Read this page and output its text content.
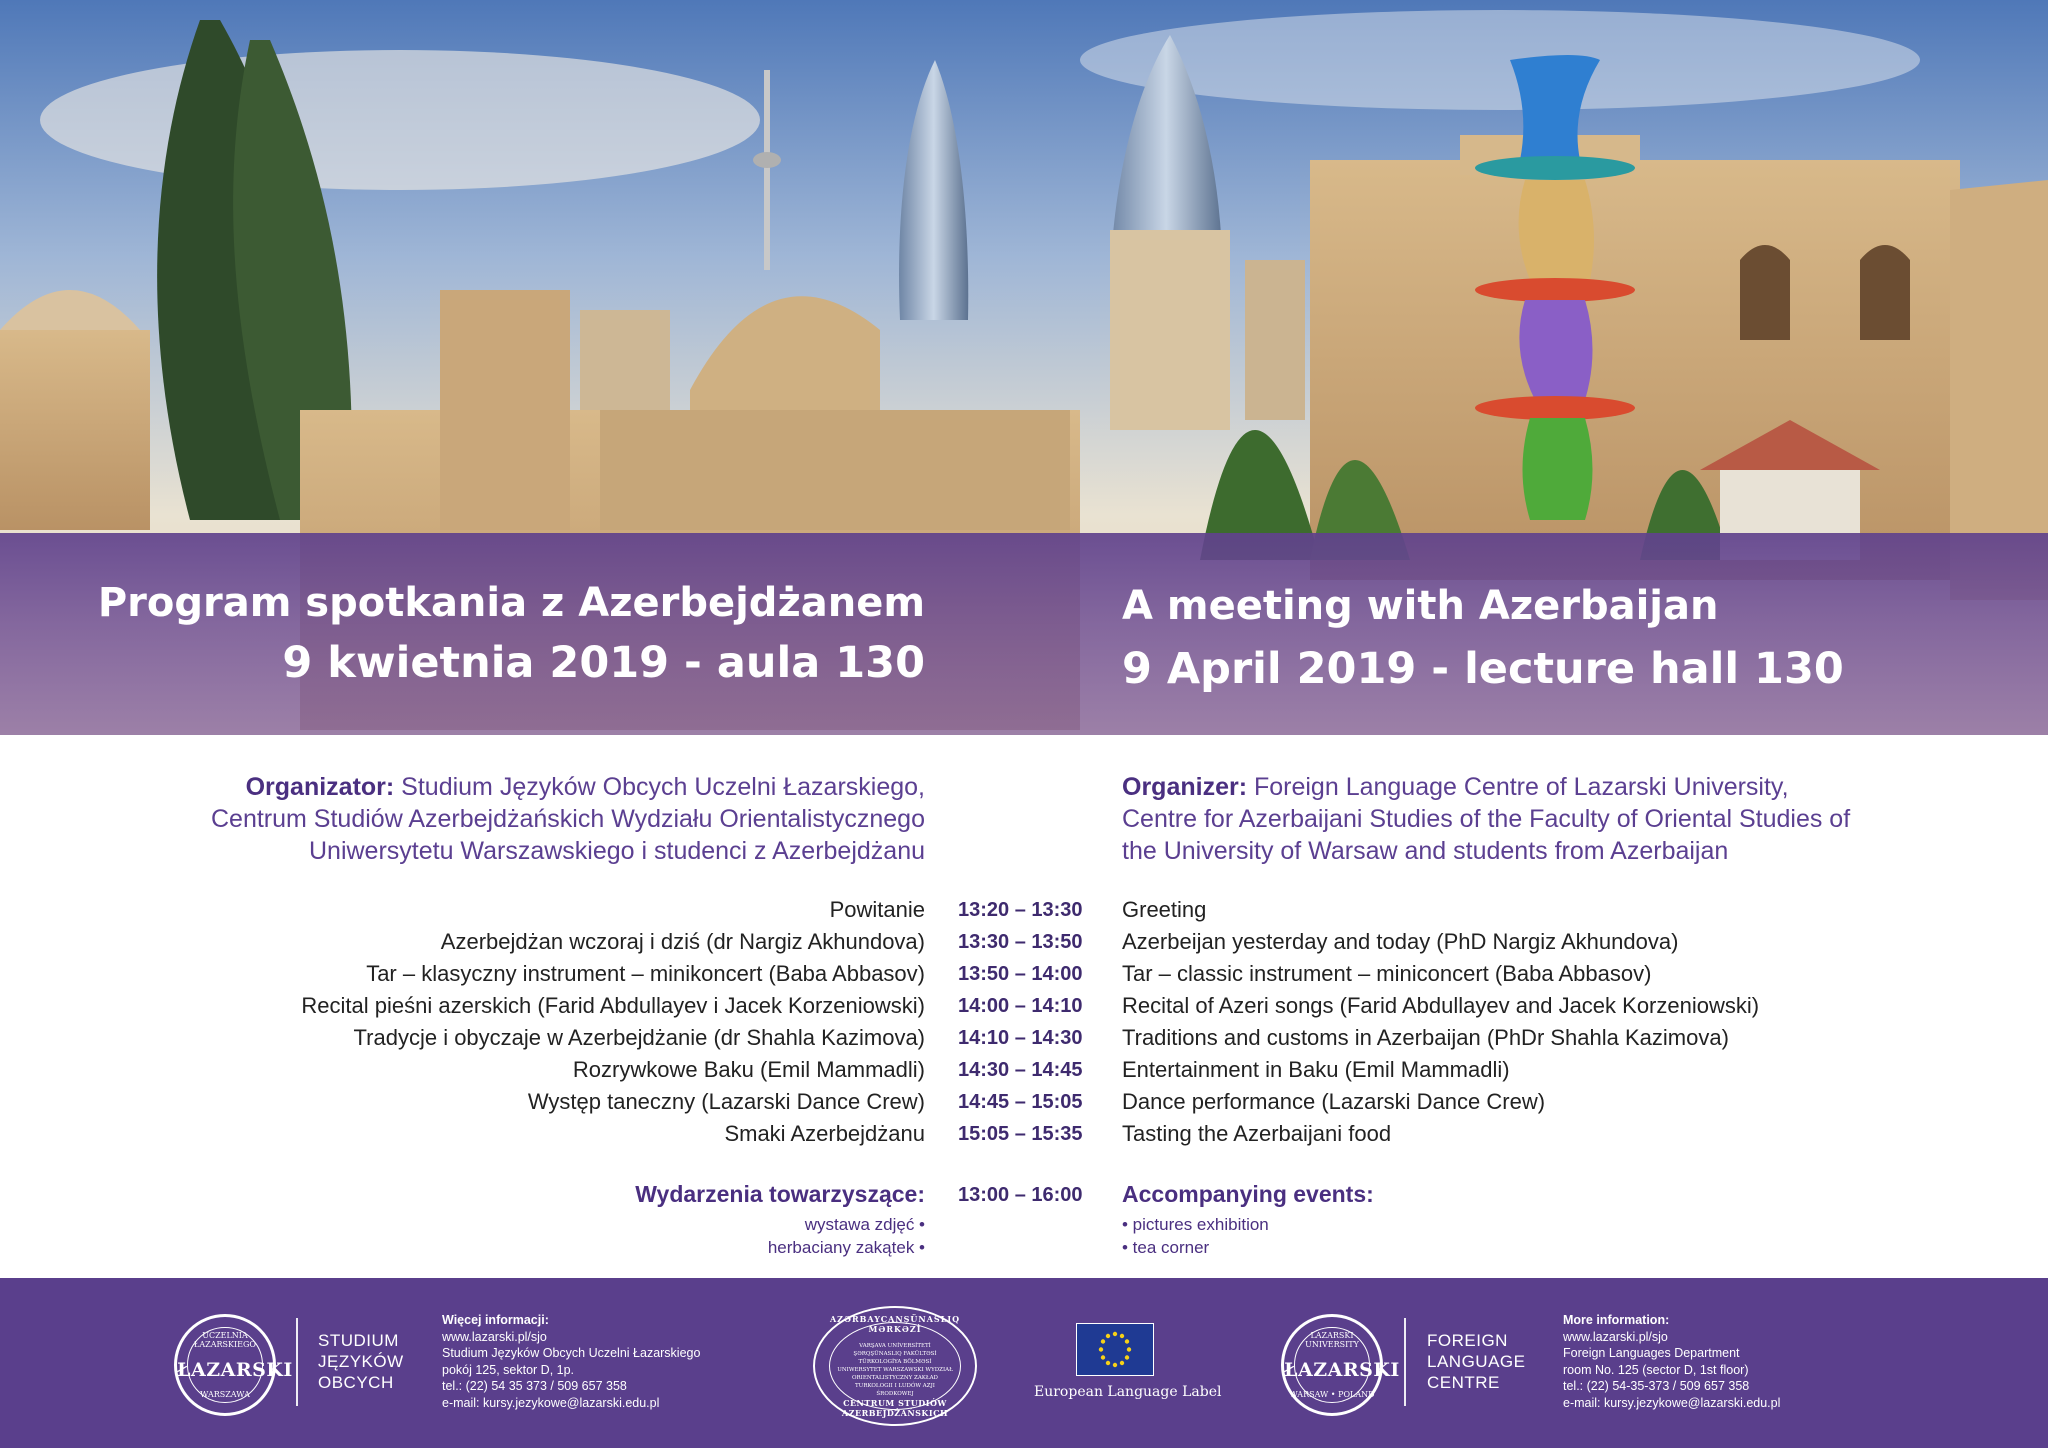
Program spotkania z Azerbejdżanem
9 kwietnia 2019 - aula 130
A meeting with Azerbaijan
9 April 2019 - lecture hall 130
Organizator: Studium Języków Obcych Uczelni Łazarskiego,
Centrum Studiów Azerbejdżańskich Wydziału Orientalistycznego
Uniwersytetu Warszawskiego i studenci z Azerbejdżanu
Organizer: Foreign Language Centre of Lazarski University,
Centre for Azerbaijani Studies of the Faculty of Oriental Studies of
the University of Warsaw and students from Azerbaijan
Powitanie 13:20 – 13:30 Greeting
Azerbejdżan wczoraj i dziś (dr Nargiz Akhundova) 13:30 – 13:50 Azerbeijan yesterday and today (PhD Nargiz Akhundova)
Tar – klasyczny instrument – minikoncert (Baba Abbasov) 13:50 – 14:00 Tar – classic instrument – miniconcert (Baba Abbasov)
Recital pieśni azerskich (Farid Abdullayev i Jacek Korzeniowski) 14:00 – 14:10 Recital of Azeri songs (Farid Abdullayev and Jacek Korzeniowski)
Tradycje i obyczaje w Azerbejdżanie (dr Shahla Kazimova) 14:10 – 14:30 Traditions and customs in Azerbaijan (PhDr Shahla Kazimova)
Rozrywkowe Baku (Emil Mammadli) 14:30 – 14:45 Entertainment in Baku (Emil Mammadli)
Występ taneczny (Lazarski Dance Crew) 14:45 – 15:05 Dance performance (Lazarski Dance Crew)
Smaki Azerbejdżanu 15:05 – 15:35 Tasting the Azerbaijani food
Wydarzenia towarzyszące: 13:00 – 16:00 Accompanying events:
wystawa zdjęć •
herbaciany zakątek •
• pictures exhibition
• tea corner
UCZELNIA ŁAZARSKIEGO
ŁAZARSKI
WARSZAWA
STUDIUM
JĘZYKÓW
OBCYCH
Więcej informacji:
www.lazarski.pl/sjo
Studium Języków Obcych Uczelni Łazarskiego
pokój 125, sektor D, 1p.
tel.: (22) 54 35 373 / 509 657 358
e-mail: kursy.jezykowe@lazarski.edu.pl
AZƏRBAYCANŞÜNASLIQ MƏRKƏZİ
VARŞAVA UNİVERSİTETİ ŞƏRQŞÜNASLIQ FAKÜLTƏSİ TÜRKOLOGİYA BÖLMƏSİ UNIWERSYTET WARSZAWSKI WYDZIAŁ ORIENTALISTYCZNY ZAKŁAD TURKOLOGII I LUDÓW AZJI ŚRODKOWEJ
CENTRUM STUDIÓW AZERBEJDŻAŃSKICH
European Language Label
LAZARSKI UNIVERSITY
ŁAZARSKI
WARSAW • POLAND
FOREIGN
LANGUAGE
CENTRE
More information:
www.lazarski.pl/sjo
Foreign Languages Department
room No. 125 (sector D, 1st floor)
tel.: (22) 54-35-373 / 509 657 358
e-mail: kursy.jezykowe@lazarski.edu.pl
